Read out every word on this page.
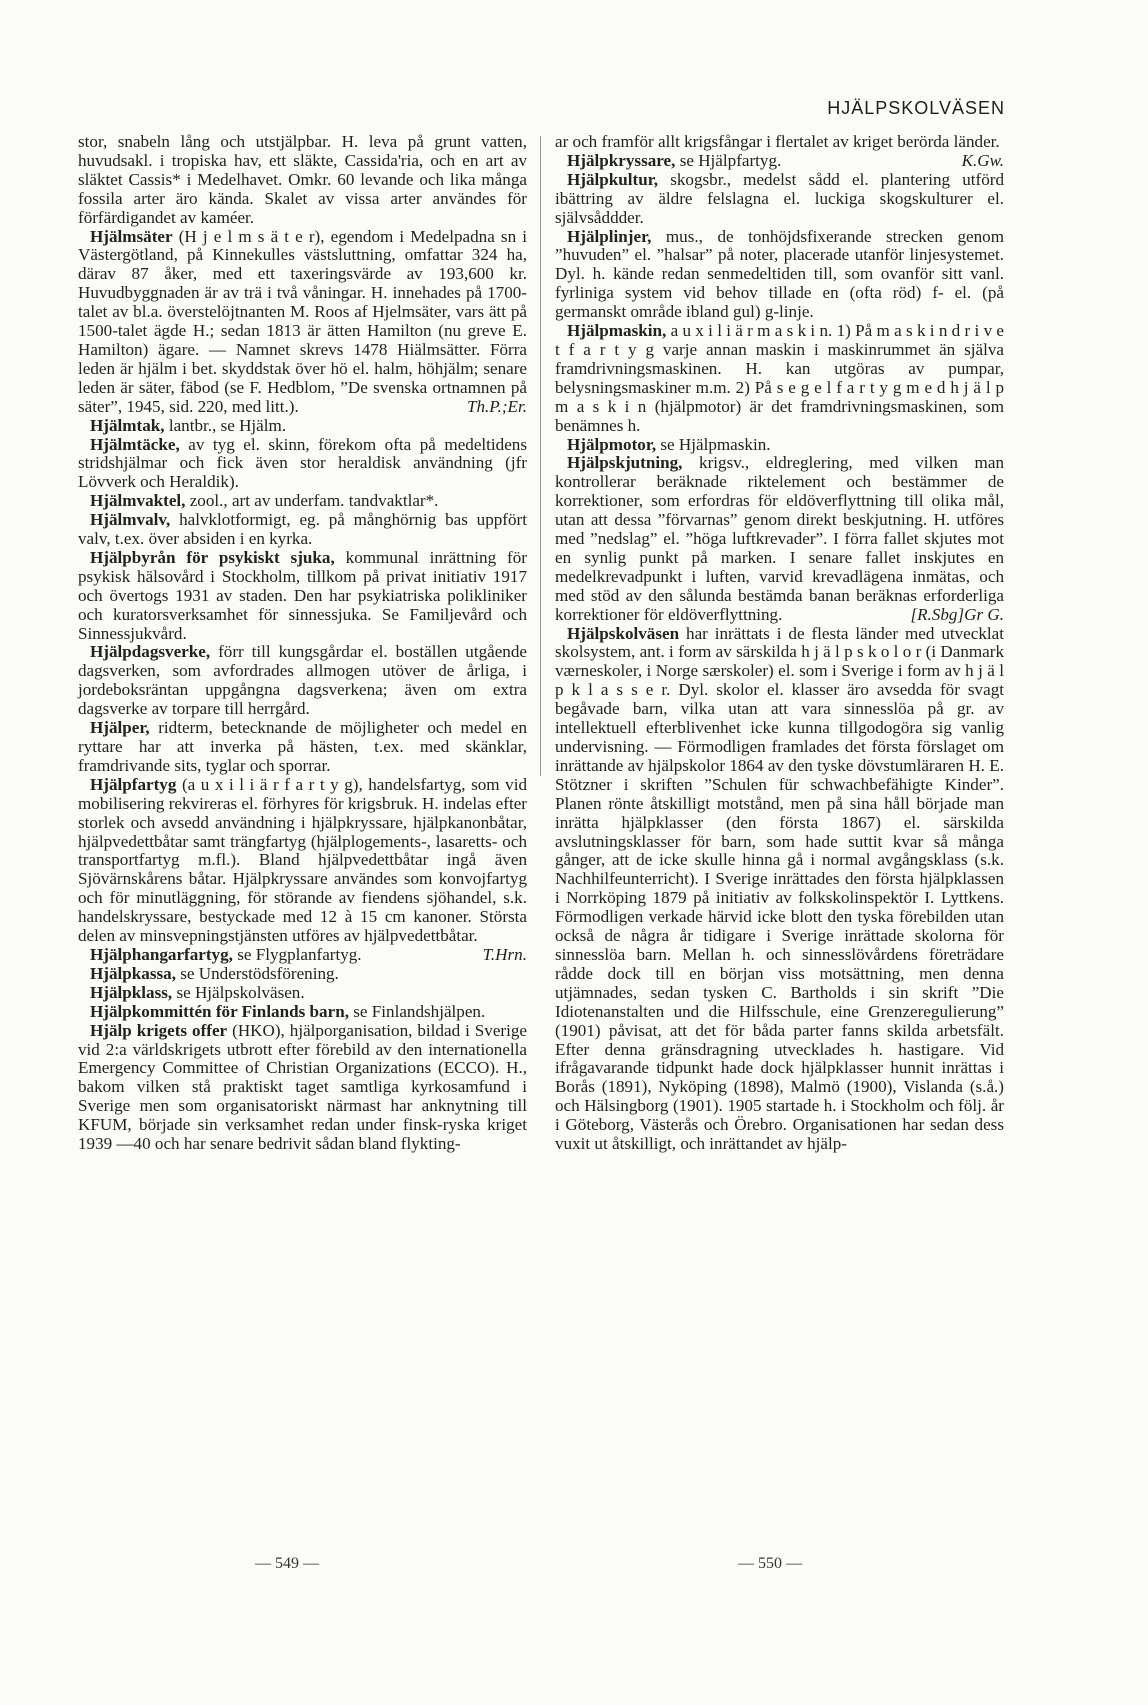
HJÄLPSKOLVÄSEN

stor, snabeln lång och utstjälpbar. H. leva på grunt vatten, huvudsakl. i tropiska hav, ett släkte, Cassida'ria, och en art av släktet Cassis* i Medelhavet. Omkr. 60 levande och lika många fossila arter äro kända. Skalet av vissa arter användes för förfärdigandet av kaméer.

Hjälmsäter (H j e l m s ä t e r), egendom i Medelpadna sn i Västergötland, på Kinnekulles västsluttning, omfattar 324 ha, därav 87 åker, med ett taxeringsvärde av 193,600 kr. Huvudbyggnaden är av trä i två våningar. H. innehades på 1700-talet av bl.a. överstelöjtnanten M. Roos af Hjelmsäter, vars ätt på 1500-talet ägde H.; sedan 1813 är ätten Hamilton (nu greve E. Hamilton) ägare. — Namnet skrevs 1478 Hiälmsätter. Förra leden är hjälm i bet. skyddstak över hö el. halm, höhjälm; senare leden är säter, fäbod (se F. Hedblom, ”De svenska ortnamnen på säter”, 1945, sid. 220, med litt.).	Th.P.;Er.

Hjälmtak, lantbr., se Hjälm.

Hjälmtäcke, av tyg el. skinn, förekom ofta på medeltidens stridshjälmar och fick även stor heraldisk användning (jfr Lövverk och Heraldik).

Hjälmvaktel, zool., art av underfam. tandvaktlar*.

Hjälmvalv, halvklotformigt, eg. på månghörnig bas uppfört valv, t.ex. över absiden i en kyrka.

Hjälpbyrån för psykiskt sjuka, kommunal inrättning för psykisk hälsovård i Stockholm, tillkom på privat initiativ 1917 och övertogs 1931 av staden. Den har psykiatriska polikliniker och kuratorsverksamhet för sinnessjuka. Se Familjevård och Sinnessjukvård.

Hjälpdagsverke, förr till kungsgårdar el. boställen utgående dagsverken, som avfordrades allmogen utöver de årliga, i jordeboksräntan uppgångna dagsverkena; även om extra dagsverke av torpare till herrgård.

Hjälper, ridterm, betecknande de möjligheter och medel en ryttare har att inverka på hästen, t.ex. med skänklar, framdrivande sits, tyglar och sporrar.

Hjälpfartyg (a u x i l i ä r f a r t y g), handelsfartyg, som vid mobilisering rekvireras el. förhyres för krigsbruk. H. indelas efter storlek och avsedd användning i hjälpkryssare, hjälpkanonbåtar, hjälpvedettbåtar samt trängfartyg (hjälplogements-, lasaretts- och transportfartyg m.fl.). Bland hjälpvedettbåtar ingå även Sjövärnskårens båtar. Hjälpkryssare användes som konvojfartyg och för minutläggning, för störande av fiendens sjöhandel, s.k. handelskryssare, bestyckade med 12 à 15 cm kanoner. Största delen av minsvepningstjänsten utföres av hjälpvedettbåtar.
T.Hrn.

Hjälphangarfartyg, se Flygplanfartyg.

Hjälpkassa, se Understödsförening.

Hjälpklass, se Hjälpskolväsen.

Hjälpkommittén för Finlands barn, se Finlandshjälpen.

Hjälp krigets offer (HKO), hjälporganisation, bildad i Sverige vid 2:a världskrigets utbrott efter förebild av den internationella Emergency Committee of Christian Organizations (ECCO). H., bakom vilken stå praktiskt taget samtliga kyrkosamfund i Sverige men som organisatoriskt närmast har anknytning till KFUM, började sin verksamhet redan under finsk-ryska kriget 1939 —40 och har senare bedrivit sådan bland flykting-

ar och framför allt krigsfångar i flertalet av kriget berörda länder.
K.Gw.

Hjälpkryssare, se Hjälpfartyg.

Hjälpkultur, skogsbr., medelst sådd el. plantering utförd ibättring av äldre felslagna el. luckiga skogskulturer el. självsåddder.

Hjälplinjer, mus., de tonhöjdsfixerande strecken genom ”huvuden” el. ”halsar” på noter, placerade utanför linjesystemet. Dyl. h. kände redan senmedeltiden till, som ovanför sitt vanl. fyrliniga system vid behov tillade en (ofta röd) f- el. (på germanskt område ibland gul) g-linje.

Hjälpmaskin, a u x i l i ä r m a s k i n. 1) På m a s k i n d r i v e t f a r t y g varje annan maskin i maskinrummet än själva framdrivningsmaskinen. H. kan utgöras av pumpar, belysningsmaskiner m.m. 2) På s e g e l f a r t y g m e d h j ä l p m a s k i n (hjälpmotor) är det framdrivningsmaskinen, som benämnes h.

Hjälpmotor, se Hjälpmaskin.

Hjälpskjutning, krigsv., eldreglering, med vilken man kontrollerar beräknade riktelement och bestämmer de korrektioner, som erfordras för eldöverflyttning till olika mål, utan att dessa ”förvarnas” genom direkt beskjutning. H. utföres med ”nedslag” el. ”höga luftkrevader”. I förra fallet skjutes mot en synlig punkt på marken. I senare fallet inskjutes en medelkrevadpunkt i luften, varvid krevadlägena inmätas, och med stöd av den sålunda bestämda banan beräknas erforderliga korrektioner för eldöverflyttning.	[R.Sbg]Gr G.

Hjälpskolväsen har inrättats i de flesta länder med utvecklat skolsystem, ant. i form av särskilda h j ä l p s k o l o r (i Danmark værneskoler, i Norge særskoler) el. som i Sverige i form av h j ä l p k l a s s e r. Dyl. skolor el. klasser äro avsedda för svagt begåvade barn, vilka utan att vara sinnesslöa på gr. av intellektuell efterblivenhet icke kunna tillgodogöra sig vanlig undervisning. — Förmodligen framlades det första förslaget om inrättande av hjälpskolor 1864 av den tyske dövstumläraren H. E. Stötzner i skriften ”Schulen für schwachbefähigte Kinder”. Planen rönte åtskilligt motstånd, men på sina håll började man inrätta hjälpklasser (den första 1867) el. särskilda avslutningsklasser för barn, som hade suttit kvar så många gånger, att de icke skulle hinna gå i normal avgångsklass (s.k. Nachhilfeunterricht). I Sverige inrättades den första hjälpklassen i Norrköping 1879 på initiativ av folkskolinspektör I. Lyttkens. Förmodligen verkade härvid icke blott den tyska förebilden utan också de några år tidigare i Sverige inrättade skolorna för sinnesslöa barn. Mellan h. och sinnesslövårdens företrädare rådde dock till en början viss motsättning, men denna utjämnades, sedan tysken C. Bartholds i sin skrift ”Die Idiotenanstalten und die Hilfsschule, eine Grenzeregulierung” (1901) påvisat, att det för båda parter fanns skilda arbetsfält. Efter denna gränsdragning utvecklades h. hastigare. Vid ifrågavarande tidpunkt hade dock hjälpklasser hunnit inrättas i Borås (1891), Nyköping (1898), Malmö (1900), Vislanda (s.å.) och Hälsingborg (1901). 1905 startade h. i Stockholm och följ. år i Göteborg, Västerås och Örebro. Organisationen har sedan dess vuxit ut åtskilligt, och inrättandet av hjälp-

— 549 —	— 550 —
